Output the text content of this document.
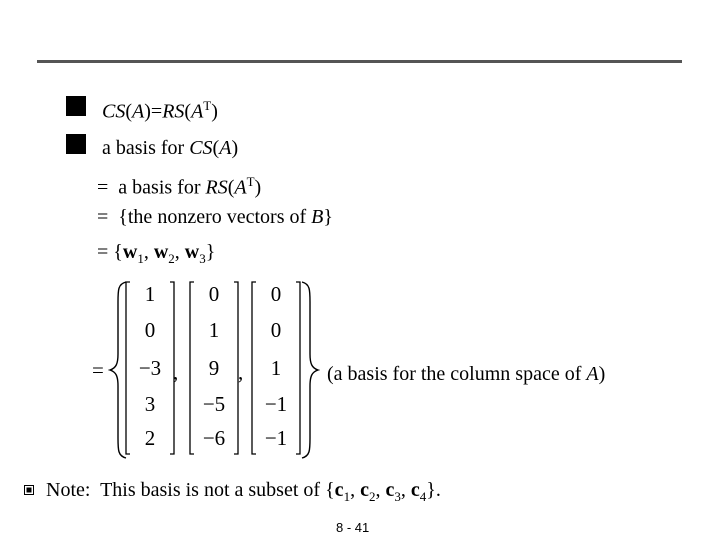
$CS(A)=RS(A^T)$
a basis for CS(A)
=  a basis for $RS(A^T)$
=  {the nonzero vectors of B}
= {$w_1$, $w_2$, $w_3$}
=
1
0
−3
3
2
,
0
1
9
−5
−6
,
0
0
1
−1
−1
(a basis for the column space of A)
Note:  This basis is not a subset of {$c_1$, $c_2$, $c_3$, $c_4$}.
8 - 41
